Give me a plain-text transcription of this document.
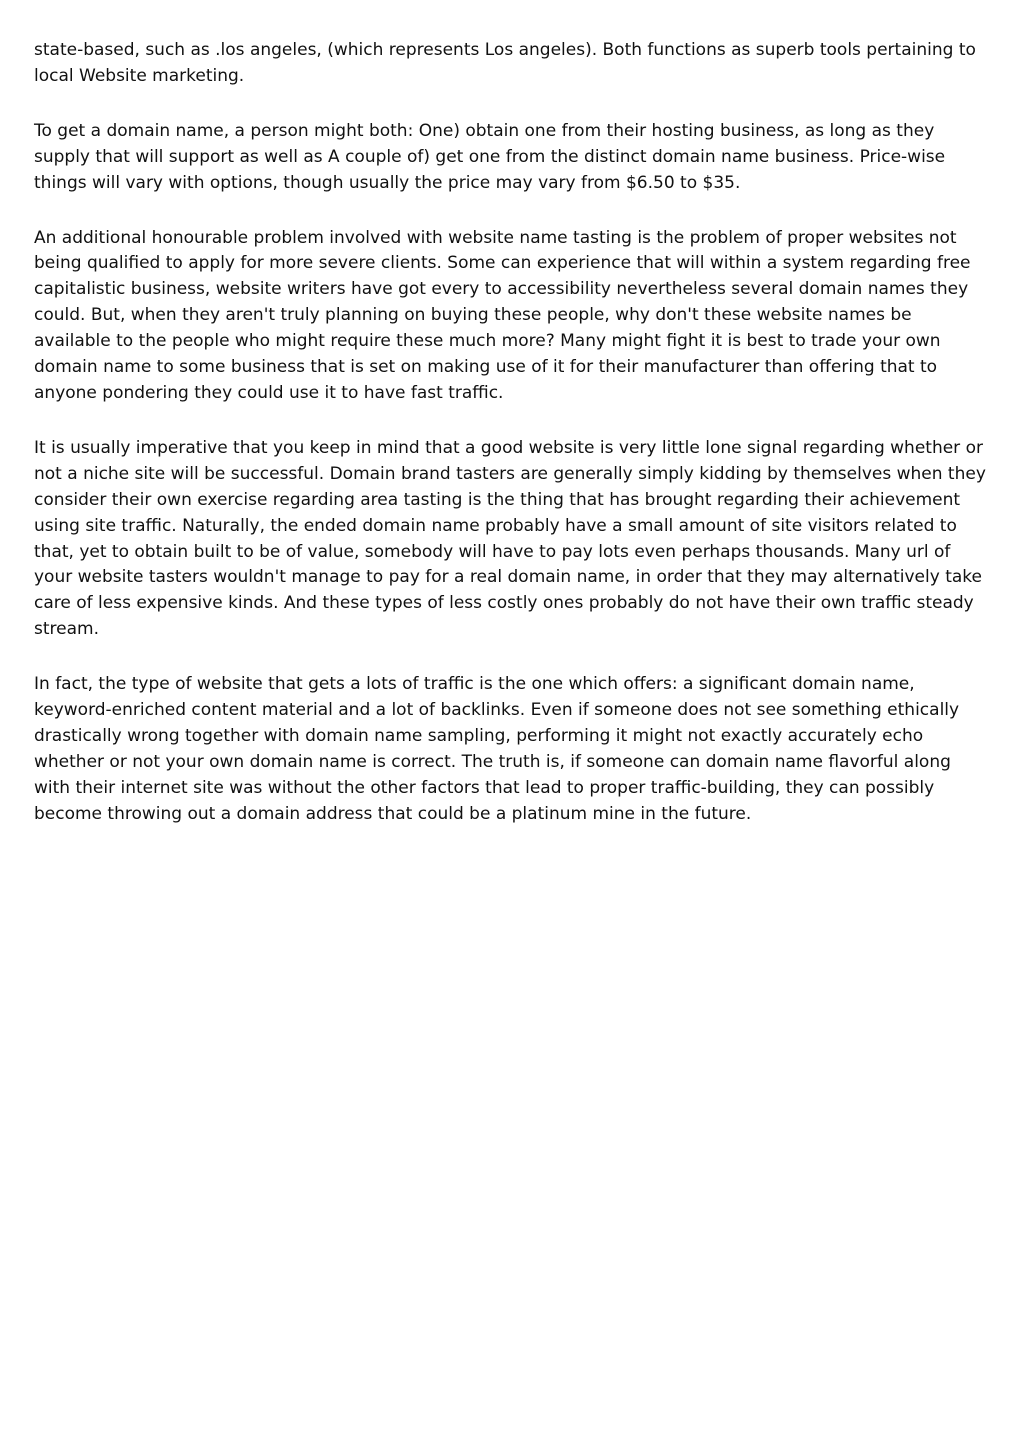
state-based, such as .los angeles, (which represents Los angeles). Both functions as superb tools pertaining to local Website marketing.

To get a domain name, a person might both: One) obtain one from their hosting business, as long as they supply that will support as well as A couple of) get one from the distinct domain name business. Price-wise things will vary with options, though usually the price may vary from $6.50 to $35.

An additional honourable problem involved with website name tasting is the problem of proper websites not being qualified to apply for more severe clients. Some can experience that will within a system regarding free capitalistic business, website writers have got every to accessibility nevertheless several domain names they could. But, when they aren't truly planning on buying these people, why don't these website names be available to the people who might require these much more? Many might fight it is best to trade your own domain name to some business that is set on making use of it for their manufacturer than offering that to anyone pondering they could use it to have fast traffic.

It is usually imperative that you keep in mind that a good website is very little lone signal regarding whether or not a niche site will be successful. Domain brand tasters are generally simply kidding by themselves when they consider their own exercise regarding area tasting is the thing that has brought regarding their achievement using site traffic. Naturally, the ended domain name probably have a small amount of site visitors related to that, yet to obtain built to be of value, somebody will have to pay lots even perhaps thousands. Many url of your website tasters wouldn't manage to pay for a real domain name, in order that they may alternatively take care of less expensive kinds. And these types of less costly ones probably do not have their own traffic steady stream.

In fact, the type of website that gets a lots of traffic is the one which offers: a significant domain name, keyword-enriched content material and a lot of backlinks. Even if someone does not see something ethically drastically wrong together with domain name sampling, performing it might not exactly accurately echo whether or not your own domain name is correct. The truth is, if someone can domain name flavorful along with their internet site was without the other factors that lead to proper traffic-building, they can possibly become throwing out a domain address that could be a platinum mine in the future.
